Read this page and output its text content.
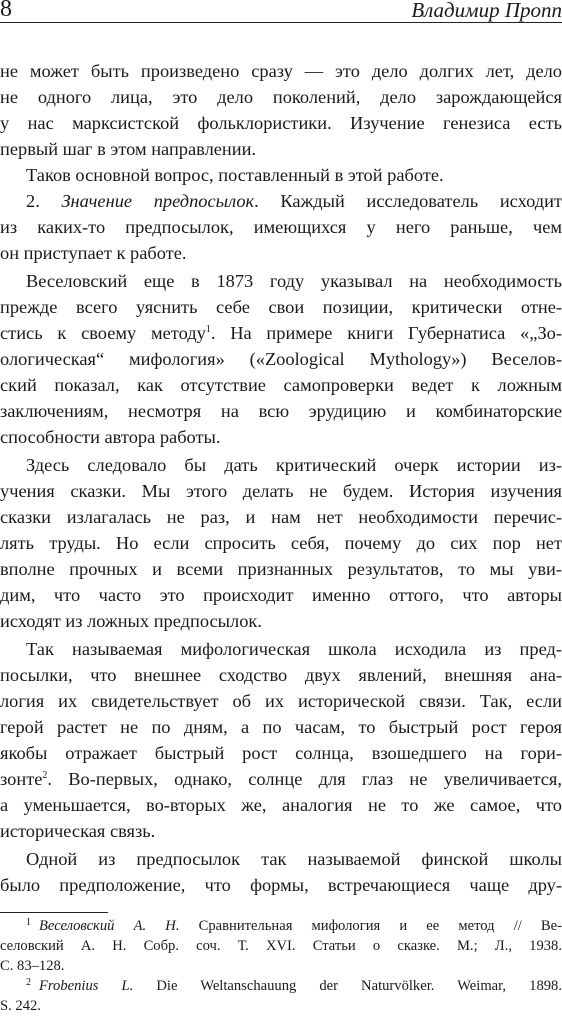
8	Владимир Пропп
не может быть произведено сразу — это дело долгих лет, дело
не одного лица, это дело поколений, дело зарождающейся
у нас марксистской фольклористики. Изучение генезиса есть
первый шаг в этом направлении.
Таков основной вопрос, поставленный в этой работе.
2. Значение предпосылок. Каждый исследователь исходит
из каких-то предпосылок, имеющихся у него раньше, чем
он приступает к работе.
Веселовский еще в 1873 году указывал на необходимость
прежде всего уяснить себе свои позиции, критически отне-
стись к своему методу$^1$. На примере книги Губернатиса «„Зо-
ологическая“ мифология» («Zoological Mythology») Веселов-
ский показал, как отсутствие самопроверки ведет к ложным
заключениям, несмотря на всю эрудицию и комбинаторские
способности автора работы.
Здесь следовало бы дать критический очерк истории из-
учения сказки. Мы этого делать не будем. История изучения
сказки излагалась не раз, и нам нет необходимости перечис-
лять труды. Но если спросить себя, почему до сих пор нет
вполне прочных и всеми признанных результатов, то мы уви-
дим, что часто это происходит именно оттого, что авторы
исходят из ложных предпосылок.
Так называемая мифологическая школа исходила из пред-
посылки, что внешнее сходство двух явлений, внешняя ана-
логия их свидетельствует об их исторической связи. Так, если
герой растет не по дням, а по часам, то быстрый рост героя
якобы отражает быстрый рост солнца, взошедшего на гори-
зонте$^2$. Во-первых, однако, солнце для глаз не увеличивается,
а уменьшается, во-вторых же, аналогия не то же самое, что
историческая связь.
Одной из предпосылок так называемой финской школы
было предположение, что формы, встречающиеся чаще дру-
$^1$ Веселовский А. Н. Сравнительная мифология и ее метод // Ве-
селовский А. Н. Собр. соч. Т. XVI. Статьи о сказке. М.; Л., 1938.
С. 83–128.
$^2$ Frobenius L. Die Weltanschauung der Naturvölker. Weimar, 1898.
S. 242.
